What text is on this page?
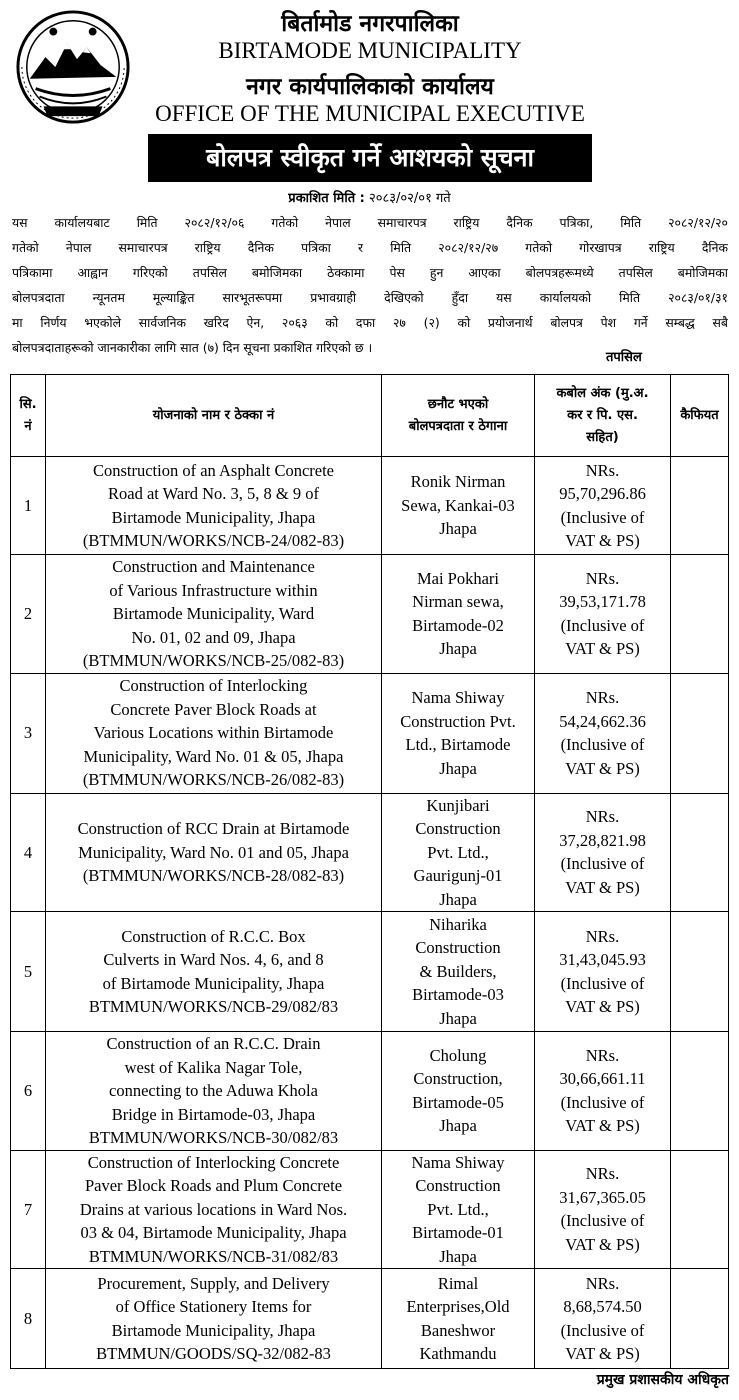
बिर्तामोड नगरपालिका
BIRTAMODE MUNICIPALITY
नगर कार्यपालिकाको कार्यालय
OFFICE OF THE MUNICIPAL EXECUTIVE
बोलपत्र स्वीकृत गर्ने आशयको सूचना
प्रकाशित मिति : २०८३/०२/०१ गते
यस कार्यालयबाट मिति २०८२/१२/०६ गतेको नेपाल समाचारपत्र राष्ट्रिय दैनिक पत्रिका, मिति २०८२/१२/२०
गतेको नेपाल समाचारपत्र राष्ट्रिय दैनिक पत्रिका र मिति २०८२/१२/२७ गतेको गोरखापत्र राष्ट्रिय दैनिक
पत्रिकामा आह्वान गरिएको तपसिल बमोजिमका ठेक्कामा पेस हुन आएका बोलपत्रहरूमध्ये तपसिल बमोजिमका
बोलपत्रदाता न्यूनतम मूल्याङ्कित सारभूतरूपमा प्रभावग्राही देखिएको हुँदा यस कार्यालयको मिति २०८३/०१/३१
मा निर्णय भएकोले सार्वजनिक खरिद ऐन, २०६३ को दफा २७ (२) को प्रयोजनार्थ बोलपत्र पेश गर्ने सम्बद्ध सबै
बोलपत्रदाताहरूको जानकारीका लागि सात (७) दिन सूचना प्रकाशित गरिएको छ ।
तपसिल
सि.
नं	योजनाको नाम र ठेक्का नं	छनौट भएको
बोलपत्रदाता र ठेगाना	कबोल अंक (मु.अ.
कर र पि. एस.
सहित)	कैफियत

1	Construction of an Asphalt Concrete
Road at Ward No. 3, 5, 8 & 9 of
Birtamode Municipality, Jhapa
(BTMMUN/WORKS/NCB-24/082-83)	Ronik Nirman
Sewa, Kankai-03
Jhapa	NRs.
95,70,296.86
(Inclusive of
VAT & PS)	

2	Construction and Maintenance
of Various Infrastructure within
Birtamode Municipality, Ward
No. 01, 02 and 09, Jhapa
(BTMMUN/WORKS/NCB-25/082-83)	Mai Pokhari
Nirman sewa,
Birtamode-02
Jhapa	NRs.
39,53,171.78
(Inclusive of
VAT & PS)	

3	Construction of Interlocking
Concrete Paver Block Roads at
Various Locations within Birtamode
Municipality, Ward No. 01 & 05, Jhapa
(BTMMUN/WORKS/NCB-26/082-83)	Nama Shiway
Construction Pvt.
Ltd., Birtamode
Jhapa	NRs.
54,24,662.36
(Inclusive of
VAT & PS)	

4	Construction of RCC Drain at Birtamode
Municipality, Ward No. 01 and 05, Jhapa
(BTMMUN/WORKS/NCB-28/082-83)	Kunjibari
Construction
Pvt. Ltd.,
Gaurigunj-01
Jhapa	NRs.
37,28,821.98
(Inclusive of
VAT & PS)	

5	Construction of R.C.C. Box
Culverts in Ward Nos. 4, 6, and 8
of Birtamode Municipality, Jhapa
BTMMUN/WORKS/NCB-29/082/83	Niharika
Construction
& Builders,
Birtamode-03
Jhapa	NRs.
31,43,045.93
(Inclusive of
VAT & PS)	

6	Construction of an R.C.C. Drain
west of Kalika Nagar Tole,
connecting to the Aduwa Khola
Bridge in Birtamode-03, Jhapa
BTMMUN/WORKS/NCB-30/082/83	Cholung
Construction,
Birtamode-05
Jhapa	NRs.
30,66,661.11
(Inclusive of
VAT & PS)	

7	Construction of Interlocking Concrete
Paver Block Roads and Plum Concrete
Drains at various locations in Ward Nos.
03 & 04, Birtamode Municipality, Jhapa
BTMMUN/WORKS/NCB-31/082/83	Nama Shiway
Construction
Pvt. Ltd.,
Birtamode-01
Jhapa	NRs.
31,67,365.05
(Inclusive of
VAT & PS)	

8	Procurement, Supply, and Delivery
of Office Stationery Items for
Birtamode Municipality, Jhapa
BTMMUN/GOODS/SQ-32/082-83	Rimal
Enterprises,Old
Baneshwor
Kathmandu	NRs.
8,68,574.50
(Inclusive of
VAT & PS)	

प्रमुख प्रशासकीय अधिकृत
